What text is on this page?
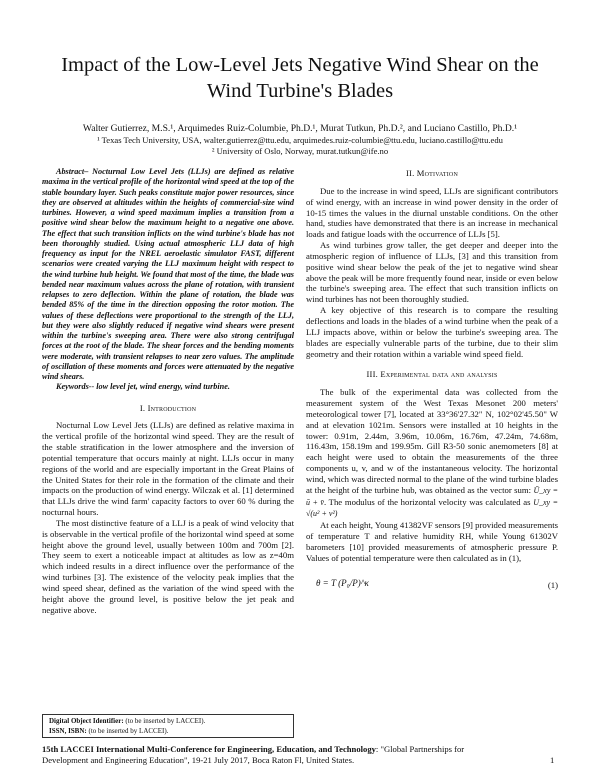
Impact of the Low-Level Jets Negative Wind Shear on the Wind Turbine's Blades
Walter Gutierrez, M.S.¹, Arquimedes Ruiz-Columbie, Ph.D.¹, Murat Tutkun, Ph.D.², and Luciano Castillo, Ph.D.¹
¹ Texas Tech University, USA, walter.gutierrez@ttu.edu, arquimedes.ruiz-columbie@ttu.edu, luciano.castillo@ttu.edu
² University of Oslo, Norway, murat.tutkun@ife.no

Abstract– Nocturnal Low Level Jets (LLJs) are defined as relative maxima in the vertical profile of the horizontal wind speed at the top of the stable boundary layer. Such peaks constitute major power resources, since they are observed at altitudes within the heights of commercial-size wind turbines. However, a wind speed maximum implies a transition from a positive wind shear below the maximum height to a negative one above. The effect that such transition inflicts on the wind turbine's blade has not been thoroughly studied. Using actual atmospheric LLJ data of high frequency as input for the NREL aeroelastic simulator FAST, different scenarios were created varying the LLJ maximum height with respect to the wind turbine hub height. We found that most of the time, the blade was bended near maximum values across the plane of rotation, with transient relapses to zero deflection. Within the plane of rotation, the blade was bended 85% of the time in the direction opposing the rotor motion. The values of these deflections were proportional to the strength of the LLJ, but they were also slightly reduced if negative wind shears were present within the turbine's sweeping area. There were also strong centrifugal forces at the root of the blade. The shear forces and the bending moments were moderate, with transient relapses to near zero values. The amplitude of oscillation of these moments and forces were attenuated by the negative wind shears.

Keywords-- low level jet, wind energy, wind turbine.

I. Introduction

Nocturnal Low Level Jets (LLJs) are defined as relative maxima in the vertical profile of the horizontal wind speed. They are the result of the stable stratification in the lower atmosphere and the inversion of potential temperature that occurs mainly at night. LLJs occur in many regions of the world and are especially important in the Great Plains of the United States for their role in the formation of the climate and their impacts on the production of wind energy. Wilczak et al. [1] determined that LLJs drive the wind farm' capacity factors to over 60 % during the nocturnal hours.

The most distinctive feature of a LLJ is a peak of wind velocity that is observable in the vertical profile of the horizontal wind speed at some height above the ground level, usually between 100m and 700m [2]. They seem to exert a noticeable impact at altitudes as low as z=40m which indeed results in a direct influence over the performance of the wind turbines [3]. The existence of the velocity peak implies that the wind speed shear, defined as the variation of the wind speed with the height above the ground level, is positive below the jet peak and negative above.

II. Motivation

Due to the increase in wind speed, LLJs are significant contributors of wind energy, with an increase in wind power density in the order of 10-15 times the values in the diurnal unstable conditions. On the other hand, studies have demonstrated that there is an increase in mechanical loads and fatigue loads with the occurrence of LLJs [5].

As wind turbines grow taller, the get deeper and deeper into the atmospheric region of influence of LLJs, [3] and this transition from positive wind shear below the peak of the jet to negative wind shear above the peak will be more frequently found near, inside or even below the turbine's sweeping area. The effect that such transition inflicts on wind turbines has not been thoroughly studied.

A key objective of this research is to compare the resulting deflections and loads in the blades of a wind turbine when the peak of a LLJ impacts above, within or below the turbine's sweeping area. The blades are especially vulnerable parts of the turbine, due to their slim geometry and their rotation within a variable wind speed field.

III. Experimental data and analysis

The bulk of the experimental data was collected from the measurement system of the West Texas Mesonet 200 meters' meteorological tower [7], located at 33°36'27.32" N, 102°02'45.50" W and at elevation 1021m. Sensors were installed at 10 heights in the tower: 0.91m, 2.44m, 3.96m, 10.06m, 16.76m, 47.24m, 74.68m, 116.43m, 158.19m and 199.95m. Gill R3-50 sonic anemometers [8] at each height were used to obtain the measurements of the three components u, v, and w of the instantaneous velocity. The horizontal wind, which was directed normal to the plane of the wind turbine blades at the height of the turbine hub, was obtained as the vector sum: Ū_xy = ū + v̄. The modulus of the horizontal velocity was calculated as U_xy = √(u² + v²)

At each height, Young 41382VF sensors [9] provided measurements of temperature T and relative humidity RH, while Young 61302V barometers [10] provided measurements of atmospheric pressure P. Values of potential temperature were then calculated as in (1),

θ = T (P₀/P)^κ	(1)
Digital Object Identifier: (to be inserted by LACCEI).
ISSN, ISBN: (to be inserted by LACCEI).
15th LACCEI International Multi-Conference for Engineering, Education, and Technology: "Global Partnerships for Development and Engineering Education", 19-21 July 2017, Boca Raton Fl, United States.	1
